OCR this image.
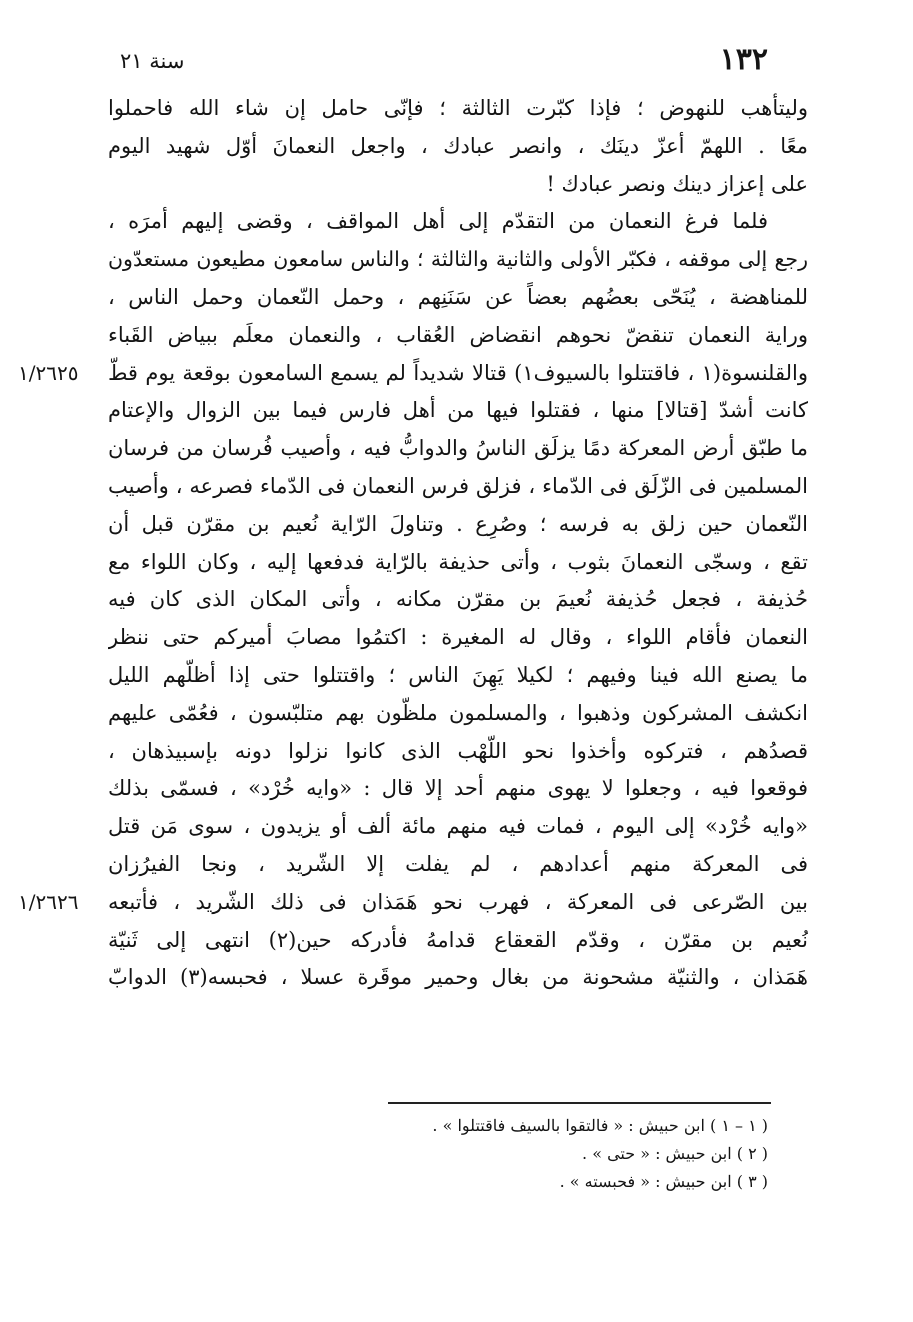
١٣٢
سنة ٢١
١/٢٦٢٥
١/٢٦٢٦
وليتأهب للنهوض ؛ فإذا كبّرت الثالثة ؛ فإنّى حامل إن شاء الله فاحملوا
معًا . اللهمّ أعزّ دينَك ، وانصر عبادك ، واجعل النعمانَ أوّل شهيد اليوم
على إعزاز دينك ونصر عبادك !
فلما فرغ النعمان من التقدّم إلى أهل المواقف ، وقضى إليهم أمرَه ،
رجع إلى موقفه ، فكبّر الأولى والثانية والثالثة ؛ والناس سامعون مطيعون مستعدّون
للمناهضة ، يُنَحّى بعضُهم بعضاً عن سَنَنِهم ، وحمل النّعمان وحمل الناس ،
وراية النعمان تنقضّ نحوهم انقضاض العُقاب ، والنعمان معلَم ببياض القَباء
والقلنسوة(١ ، فاقتتلوا بالسيوف١) قتالا شديداً لم يسمع السامعون بوقعة يوم قطّ
كانت أشدّ [قتالا] منها ، فقتلوا فيها من أهل فارس فيما بين الزوال والإعتام
ما طبّق أرض المعركة دمًا يزلَق الناسُ والدوابُّ فيه ، وأصيب فُرسان من فرسان
المسلمين فى الزّلَق فى الدّماء ، فزلق فرس النعمان فى الدّماء فصرعه ، وأصيب
النّعمان حين زلق به فرسه ؛ وصُرِع . وتناولَ الرّاية نُعيم بن مقرّن قبل أن
تقع ، وسجّى النعمانَ بثوب ، وأتى حذيفة بالرّاية فدفعها إليه ، وكان اللواء مع
حُذيفة ، فجعل حُذيفة نُعيمَ بن مقرّن مكانه ، وأتى المكان الذى كان فيه
النعمان فأقام اللواء ، وقال له المغيرة : اكتمُوا مصابَ أميركم حتى ننظر
ما يصنع الله فينا وفيهم ؛ لكيلا يَهِنَ الناس ؛ واقتتلوا حتى إذا أظلّهم الليل
انكشف المشركون وذهبوا ، والمسلمون ملظّون بهم متلبّسون ، فعُمّى عليهم
قصدُهم ، فتركوه وأخذوا نحو اللّهْب الذى كانوا نزلوا دونه بإسبيذهان ،
فوقعوا فيه ، وجعلوا لا يهوى منهم أحد إلا قال : «وايه خُرْد» ، فسمّى بذلك
«وايه خُرْد» إلى اليوم ، فمات فيه منهم مائة ألف أو يزيدون ، سوى مَن قتل
فى المعركة منهم أعدادهم ، لم يفلت إلا الشّريد ، ونجا الفيرُزان
بين الصّرعى فى المعركة ، فهرب نحو هَمَذان فى ذلك الشّريد ، فأتبعه
نُعيم بن مقرّن ، وقدّم القعقاع قدامهُ فأدركه حين(٢) انتهى إلى ثَنيّة
هَمَذان ، والثنيّة مشحونة من بغال وحمير موقَرة عسلا ، فحبسه(٣) الدوابّ
( ١ – ١ ) ابن حبيش : « فالتقوا بالسيف فاقتتلوا » .
( ٢ ) ابن حبيش : « حتى » .
( ٣ ) ابن حبيش : « فحبسته » .
